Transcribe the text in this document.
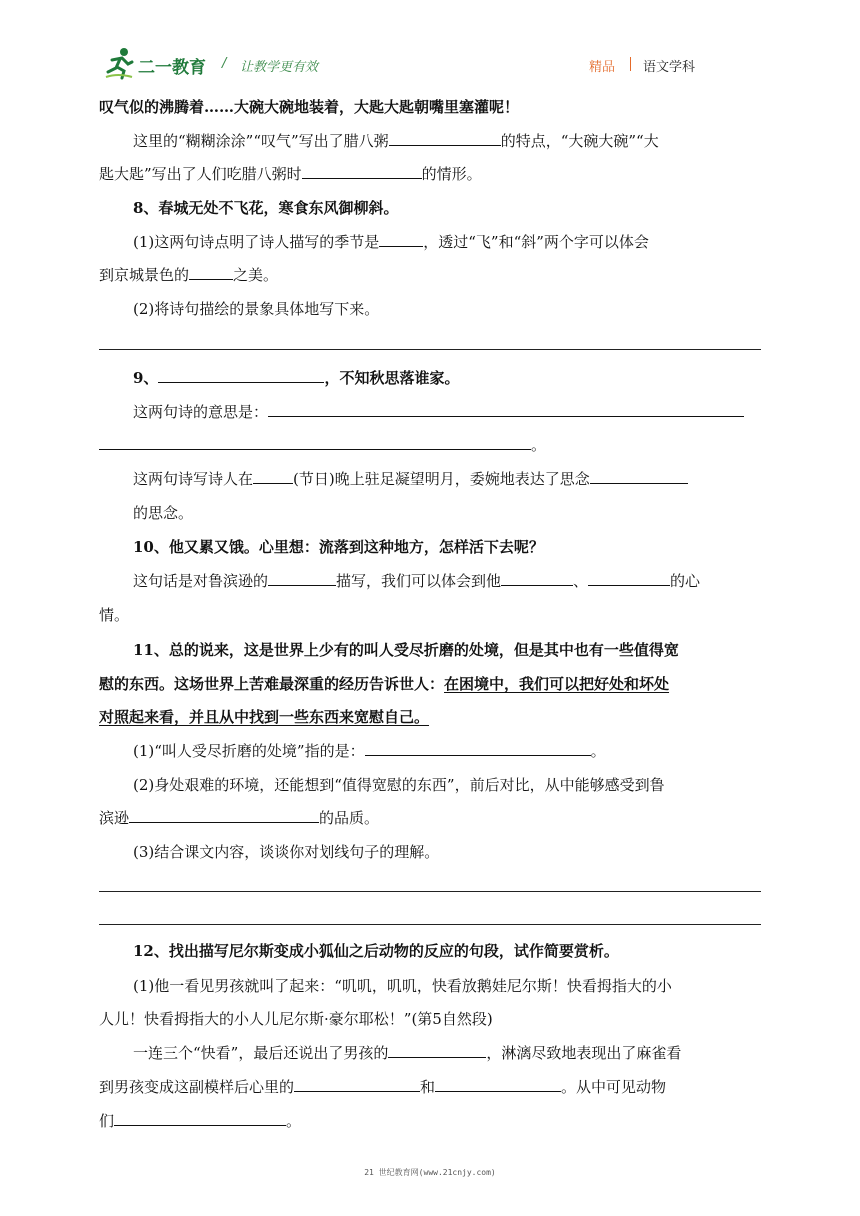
二一教育 / 让教学更有效	精品 语文学科
叹气似的沸腾着……大碗大碗地装着，大匙大匙朝嘴里塞灌呢！
这里的“糊糊涂涂”“叹气”写出了腊八粥	的特点，“大碗大碗”“大
匙大匙”写出了人们吃腊八粥时	的情形。
8、春城无处不飞花，寒食东风御柳斜。
(1)这两句诗点明了诗人描写的季节是	，透过“飞”和“斜”两个字可以体会
到京城景色的	之美。
(2)将诗句描绘的景象具体地写下来。
9、	，不知秋思落谁家。
这两句诗的意思是：
。
这两句诗写诗人在	(节日)晚上驻足凝望明月，委婉地表达了思念
的思念。
10、他又累又饿。心里想：流落到这种地方，怎样活下去呢？
这句话是对鲁滨逊的	描写，我们可以体会到他	、	的心
情。
11、总的说来，这是世界上少有的叫人受尽折磨的处境，但是其中也有一些值得宽
慰的东西。这场世界上苦难最深重的经历告诉世人：在困境中，我们可以把好处和坏处
对照起来看，并且从中找到一些东西来宽慰自己。
(1)“叫人受尽折磨的处境”指的是：	。
(2)身处艰难的环境，还能想到“值得宽慰的东西”，前后对比，从中能够感受到鲁
滨逊	的品质。
(3)结合课文内容，谈谈你对划线句子的理解。
12、找出描写尼尔斯变成小狐仙之后动物的反应的句段，试作简要赏析。
(1)他一看见男孩就叫了起来：“叽叽，叽叽，快看放鹅娃尼尔斯！快看拇指大的小
人儿！快看拇指大的小人儿尼尔斯·豪尔耶松！”(第5自然段)
一连三个“快看”，最后还说出了男孩的	，淋漓尽致地表现出了麻雀看
到男孩变成这副模样后心里的	和	。从中可见动物
们	。
21 世纪教育网(www.21cnjy.com)
